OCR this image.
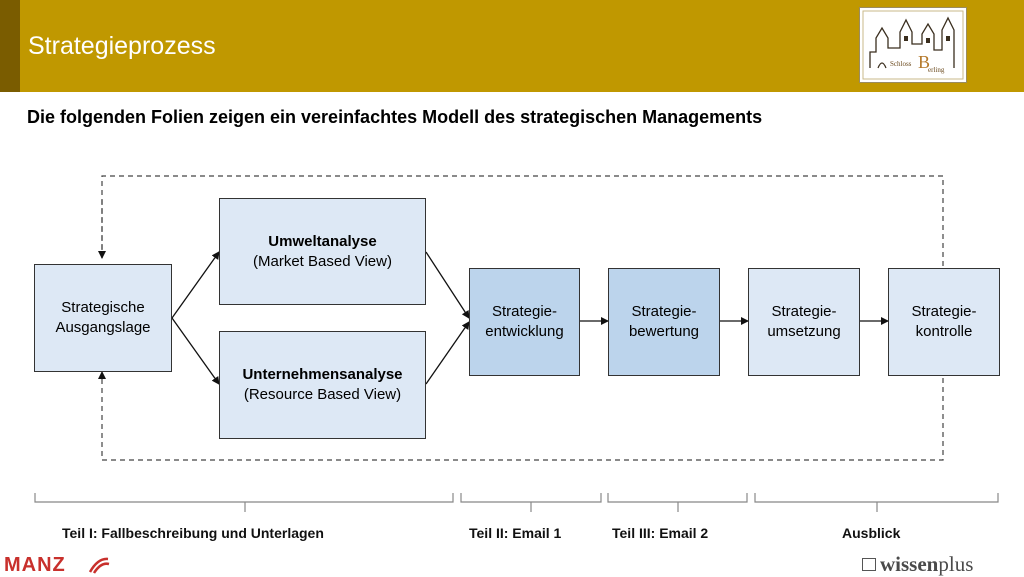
Strategieprozess
Schloss B
erling
Die folgenden Folien zeigen ein vereinfachtes Modell des strategischen Managements
Strategische
Ausgangslage
Umweltanalyse
(Market Based View)
Unternehmensanalyse
(Resource Based View)
Strategie-
entwicklung
Strategie-
bewertung
Strategie-
umsetzung
Strategie-
kontrolle
Teil I: Fallbeschreibung und Unterlagen	Teil II: Email 1	Teil III: Email 2	Ausblick
MANZ	wissenplus
